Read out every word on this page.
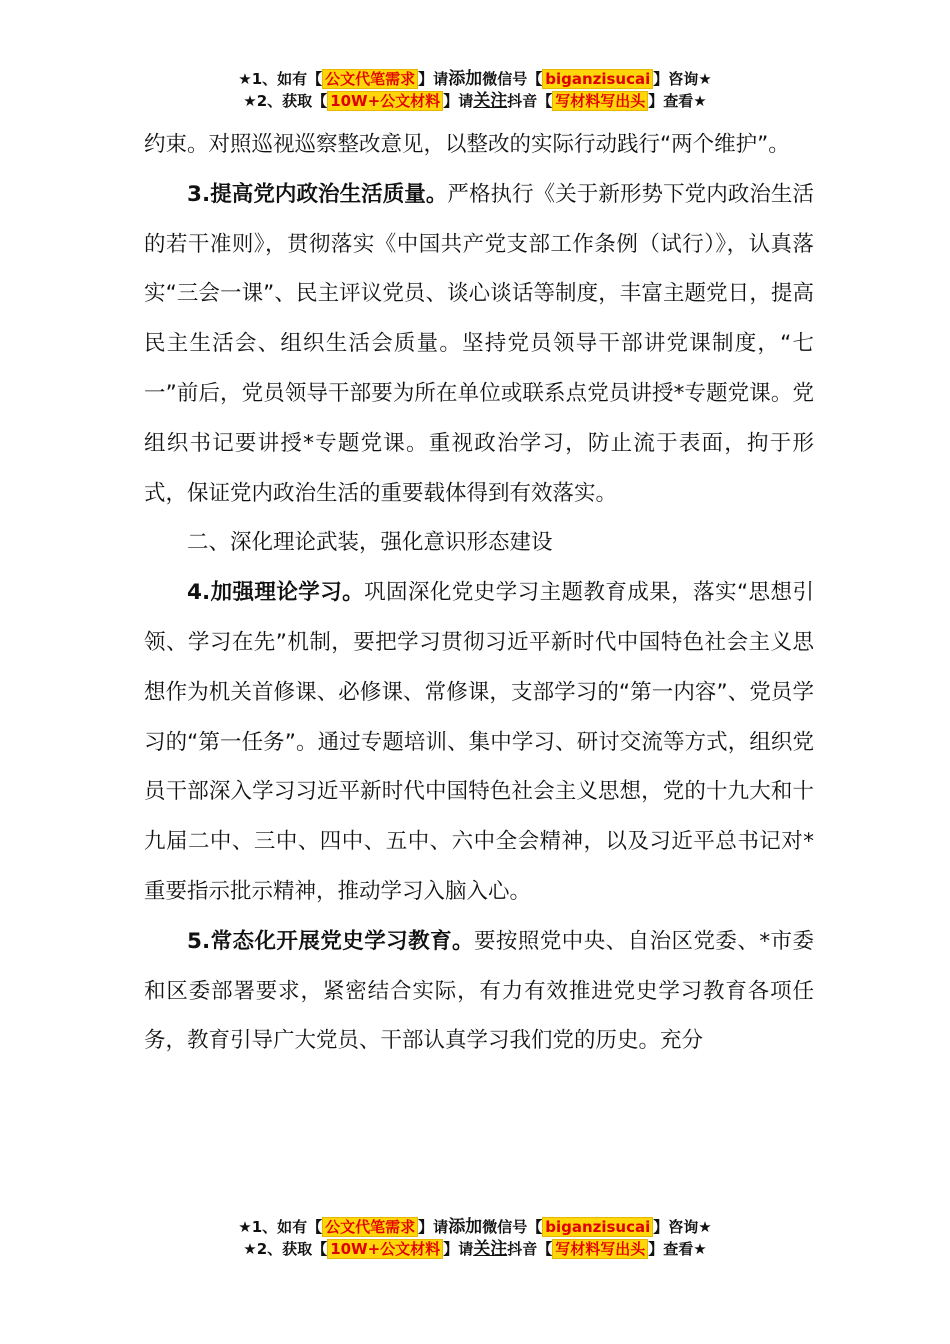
★1、如有【 公文代笔需求 】请添加微信号【 biganzisucai 】咨询★
★2、获取【 10W+公文材料 】请关注抖音【 写材料写出头 】查看★

约束。对照巡视巡察整改意见，以整改的实际行动践行“两个维护”。

3.提高党内政治生活质量。严格执行《关于新形势下党内政治生活的若干准则》，贯彻落实《中国共产党支部工作条例（试行）》，认真落实“三会一课”、民主评议党员、谈心谈话等制度，丰富主题党日，提高民主生活会、组织生活会质量。坚持党员领导干部讲党课制度，“七一”前后，党员领导干部要为所在单位或联系点党员讲授*专题党课。党组织书记要讲授*专题党课。重视政治学习，防止流于表面，拘于形式，保证党内政治生活的重要载体得到有效落实。

二、深化理论武装，强化意识形态建设

4.加强理论学习。巩固深化党史学习主题教育成果，落实“思想引领、学习在先”机制，要把学习贯彻习近平新时代中国特色社会主义思想作为机关首修课、必修课、常修课，支部学习的“第一内容”、党员学习的“第一任务”。通过专题培训、集中学习、研讨交流等方式，组织党员干部深入学习习近平新时代中国特色社会主义思想，党的十九大和十九届二中、三中、四中、五中、六中全会精神，以及习近平总书记对*重要指示批示精神，推动学习入脑入心。

5.常态化开展党史学习教育。要按照党中央、自治区党委、*市委和区委部署要求，紧密结合实际，有力有效推进党史学习教育各项任务，教育引导广大党员、干部认真学习我们党的历史。充分

★1、如有【 公文代笔需求 】请添加微信号【 biganzisucai 】咨询★
★2、获取【 10W+公文材料 】请关注抖音【 写材料写出头 】查看★
